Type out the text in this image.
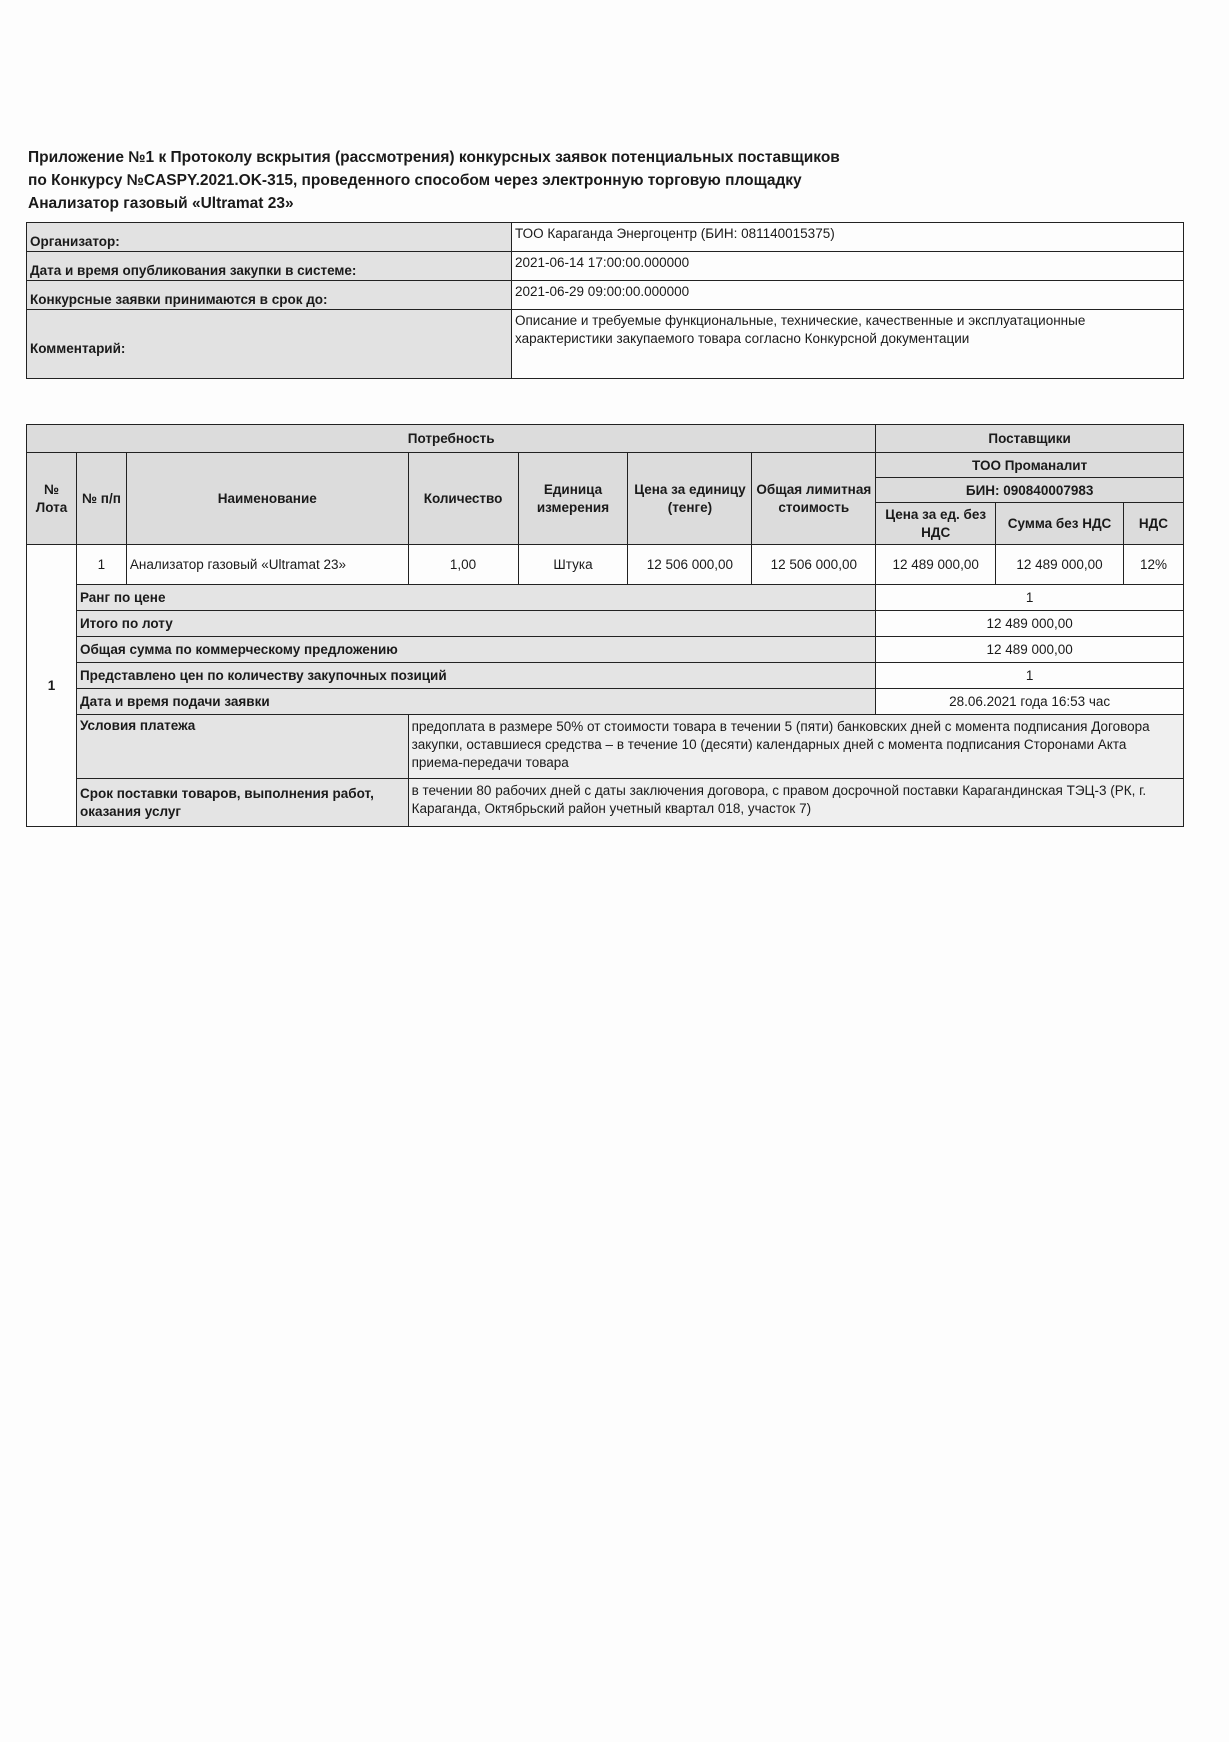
Приложение №1 к Протоколу вскрытия (рассмотрения) конкурсных заявок потенциальных поставщиков
по Конкурсу №CASPY.2021.OK-315, проведенного способом через электронную торговую площадку
Анализатор газовый «Ultramat 23»
Организатор:	ТОО Караганда Энергоцентр (БИН: 081140015375)
Дата и время опубликования закупки в системе:	2021-06-14 17:00:00.000000
Конкурсные заявки принимаются в срок до:	2021-06-29 09:00:00.000000
Комментарий:	Описание и требуемые функциональные, технические, качественные и эксплуатационные характеристики закупаемого товара согласно Конкурсной документации
Потребность							Поставщики		
№ Лота	№ п/п	Наименование	Количество	Единица измерения	Цена за единицу (тенге)	Общая лимитная стоимость	ТОО Проманалит		
							БИН: 090840007983		
							Цена за ед. без НДС	Сумма без НДС	НДС
1	1	Анализатор газовый «Ultramat 23»	1,00	Штука	12 506 000,00	12 506 000,00	12 489 000,00	12 489 000,00	12%
	Ранг по цене						1		
	Итого по лоту						12 489 000,00		
	Общая сумма по коммерческому предложению						12 489 000,00		
	Представлено цен по количеству закупочных позиций						1		
	Дата и время подачи заявки						28.06.2021 года 16:53 час		
	Условия платежа		предоплата в размере 50% от стоимости товара в течении 5 (пяти) банковских дней с момента подписания Договора закупки, оставшиеся средства – в течение 10 (десяти) календарных дней с момента подписания Сторонами Акта приема-передачи товара						
	Срок поставки товаров, выполнения работ, оказания услуг		в течении 80 рабочих дней с даты заключения договора, с правом досрочной поставки Карагандинская ТЭЦ-3 (РК, г. Караганда, Октябрьский район учетный квартал 018, участок 7)						
